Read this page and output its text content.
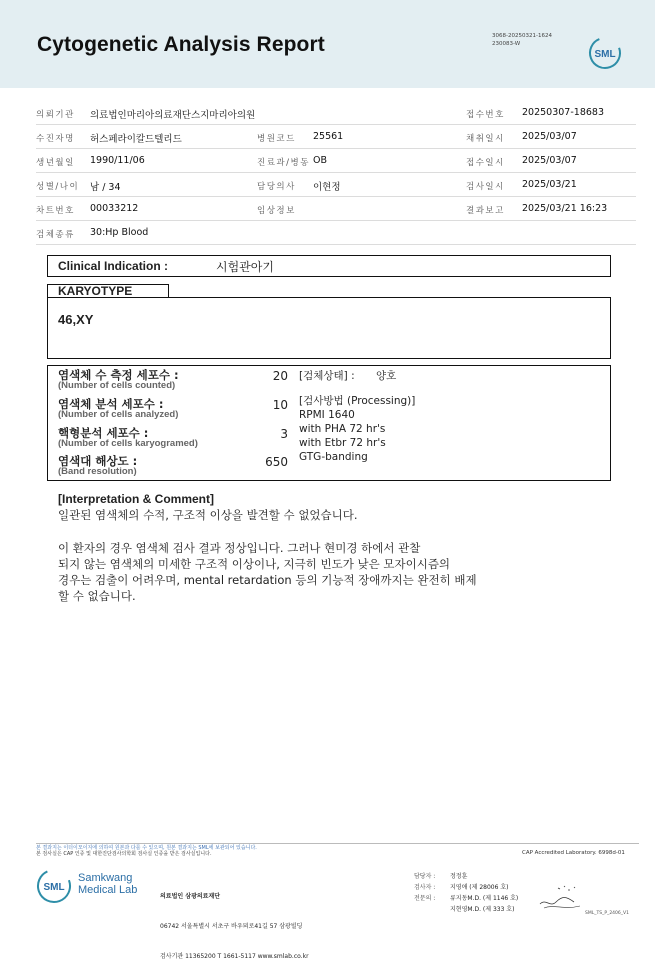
Cytogenetic Analysis Report	3068-20250321-1624
230083-W
SML
의뢰기관 의료법인마리아의료재단스지마리아의원	접수번호 20250307-18683
수진자명 허스페라이칼드텔리드	병원코드 25561	채취일시 2025/03/07
생년월일 1990/11/06	진료과/병동 OB	접수일시 2025/03/07
성별/나이 남 / 34	담당의사 이현정	검사일시 2025/03/21
차트번호 00033212	임상정보	결과보고 2025/03/21 16:23
검체종류 30:Hp Blood
Clinical Indication :	시험관아기
KARYOTYPE
46,XY
염색체 수 측정 세포수 :
(Number of cells counted)
20
염색체 분석 세포수 :
(Number of cells analyzed)
10
핵형분석 세포수 :
(Number of cells karyogramed)
3
염색대 해상도 :
(Band resolution)
650
[검체상태] : 양호
[검사방법 (Processing)]
RPMI 1640
with PHA 72 hr's
with Etbr 72 hr's
GTG-banding
[Interpretation & Comment]
일관된 염색체의 수적, 구조적 이상을 발견할 수 없었습니다.
이 환자의 경우 염색체 검사 결과 정상입니다. 그러나 현미경 하에서 관찰
되지 않는 염색체의 미세한 구조적 이상이나, 지극히 빈도가 낮은 모자이시즘의
경우는 검출이 어려우며, mental retardation 등의 기능적 장애까지는 완전히 배제
할 수 없습니다.
본 결과지는 이더이모이지에 의하여 원본과 다를 수 있으며, 원본 결과지는 SML에 보관되어 있습니다.
본 검사실은 CAP 인증 및 대한진단검사의학회 검사실 인증을 받은 검사실입니다.	CAP Accredited Laboratory. 6998d-01
SML
Samkwang
Medical Lab

의료법인 삼광의료재단

06742 서울특별시 서초구 바우뫼로41길 57 삼광빌딩

검사기관 11365200 T 1661-5117 www.smlab.co.kr

담당자 :	정정훈
검사자 :	지영애 (제 28006 호)
전문의 :	류지동M.D. (제 1146 호)
지현영M.D. (제 333 호)
SML_TS_P_2406_V1
